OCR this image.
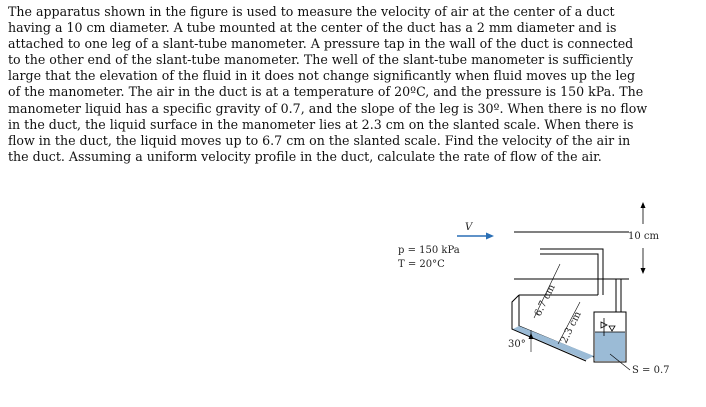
The apparatus shown in the figure is used to measure the velocity of air at the center of a duct

having a 10 cm diameter. A tube mounted at the center of the duct has a 2 mm diameter and is

attached to one leg of a slant-tube manometer. A pressure tap in the wall of the duct is connected

to the other end of the slant-tube manometer. The well of the slant-tube manometer is sufficiently

large that the elevation of the fluid in it does not change significantly when fluid moves up the leg

of the manometer. The air in the duct is at a temperature of 20ºC, and the pressure is 150 kPa. The

manometer liquid has a specific gravity of 0.7, and the slope of the leg is 30º. When there is no flow

in the duct, the liquid surface in the manometer lies at 2.3 cm on the slanted scale. When there is

flow in the duct, the liquid moves up to 6.7 cm on the slanted scale. Find the velocity of the air in

the duct. Assuming a uniform velocity profile in the duct, calculate the rate of flow of the air.

V
p = 150 kPa
T = 20°C
10 cm
6.7 cm
2.3 cm
30°
S = 0.7
